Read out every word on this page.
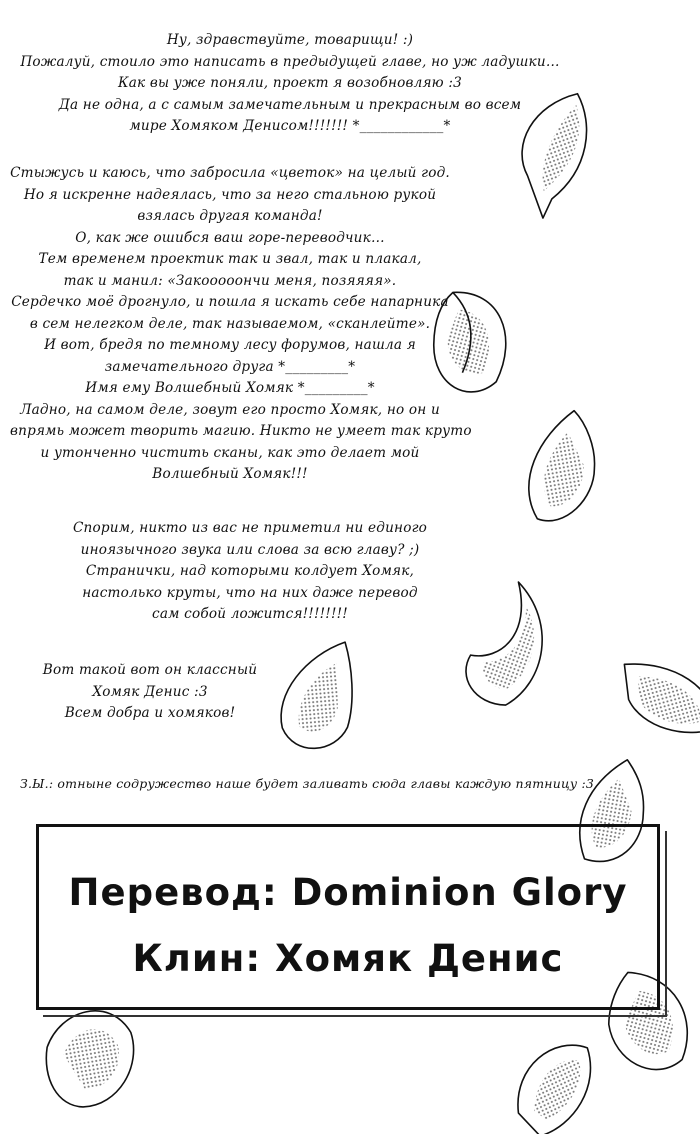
Ну, здравствуйте, товарищи! :)
Пожалуй, стоило это написать в предыдущей главе, но уж ладушки…
Как вы уже поняли, проект я возобновляю :3
Да не одна, а с самым замечательным и прекрасным во всем
мире Хомяком Денисом!!!!!!! *____________*

Стыжусь и каюсь, что забросила «цветок» на целый год.
Но я искренне надеялась, что за него стальною рукой
взялась другая команда!
О, как же ошибся ваш горе-переводчик…
Тем временем проектик так и звал, так и плакал,
так и манил: «Закооооончи меня, позяяяя».
Сердечко моё дрогнуло, и пошла я искать себе напарника
в сем нелегком деле, так называемом, «сканлейте».
И вот, бредя по темному лесу форумов, нашла я
замечательного друга *_________*
Имя ему Волшебный Хомяк *_________*
Ладно, на самом деле, зовут его просто Хомяк, но он и
впрямь может творить магию. Никто не умеет так круто
и утонченно чистить сканы, как это делает мой
Волшебный Хомяк!!!

Спорим, никто из вас не приметил ни единого
иноязычного звука или слова за всю главу? ;)
Странички, над которыми колдует Хомяк,
настолько круты, что на них даже перевод
сам собой ложится!!!!!!!!

Вот такой вот он классный
Хомяк Денис :3
Всем добра и хомяков!

З.Ы.: отныне содружество наше будет заливать сюда главы каждую пятницу :3
Перевод: Dominion Glory
Клин: Хомяк Денис
